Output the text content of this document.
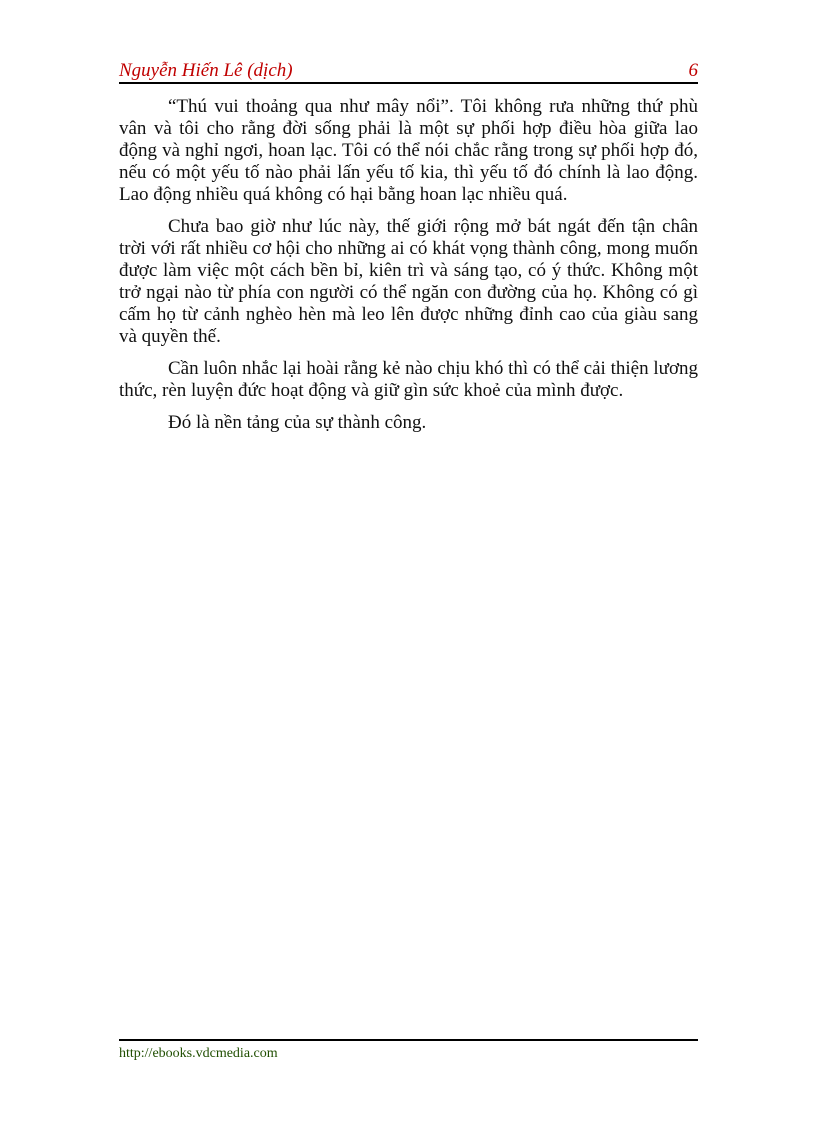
Nguyễn Hiến Lê (dịch)	6

“Thú vui thoảng qua như mây nổi”. Tôi không rưa những thứ phù vân và tôi cho rằng đời sống phải là một sự phối hợp điều hòa giữa lao động và nghỉ ngơi, hoan lạc. Tôi có thể nói chắc rằng trong sự phối hợp đó, nếu có một yếu tố nào phải lấn yếu tố kia, thì yếu tố đó chính là lao động. Lao động nhiều quá không có hại bằng hoan lạc nhiều quá.

Chưa bao giờ như lúc này, thế giới rộng mở bát ngát đến tận chân trời với rất nhiều cơ hội cho những ai có khát vọng thành công, mong muốn được làm việc một cách bền bỉ, kiên trì và sáng tạo, có ý thức. Không một trở ngại nào từ phía con người có thể ngăn con đường của họ. Không có gì cấm họ từ cảnh nghèo hèn mà leo lên được những đỉnh cao của giàu sang và quyền thế.

Cần luôn nhắc lại hoài rằng kẻ nào chịu khó thì có thể cải thiện lương thức, rèn luyện đức hoạt động và giữ gìn sức khoẻ của mình được.

Đó là nền tảng của sự thành công.

http://ebooks.vdcmedia.com
